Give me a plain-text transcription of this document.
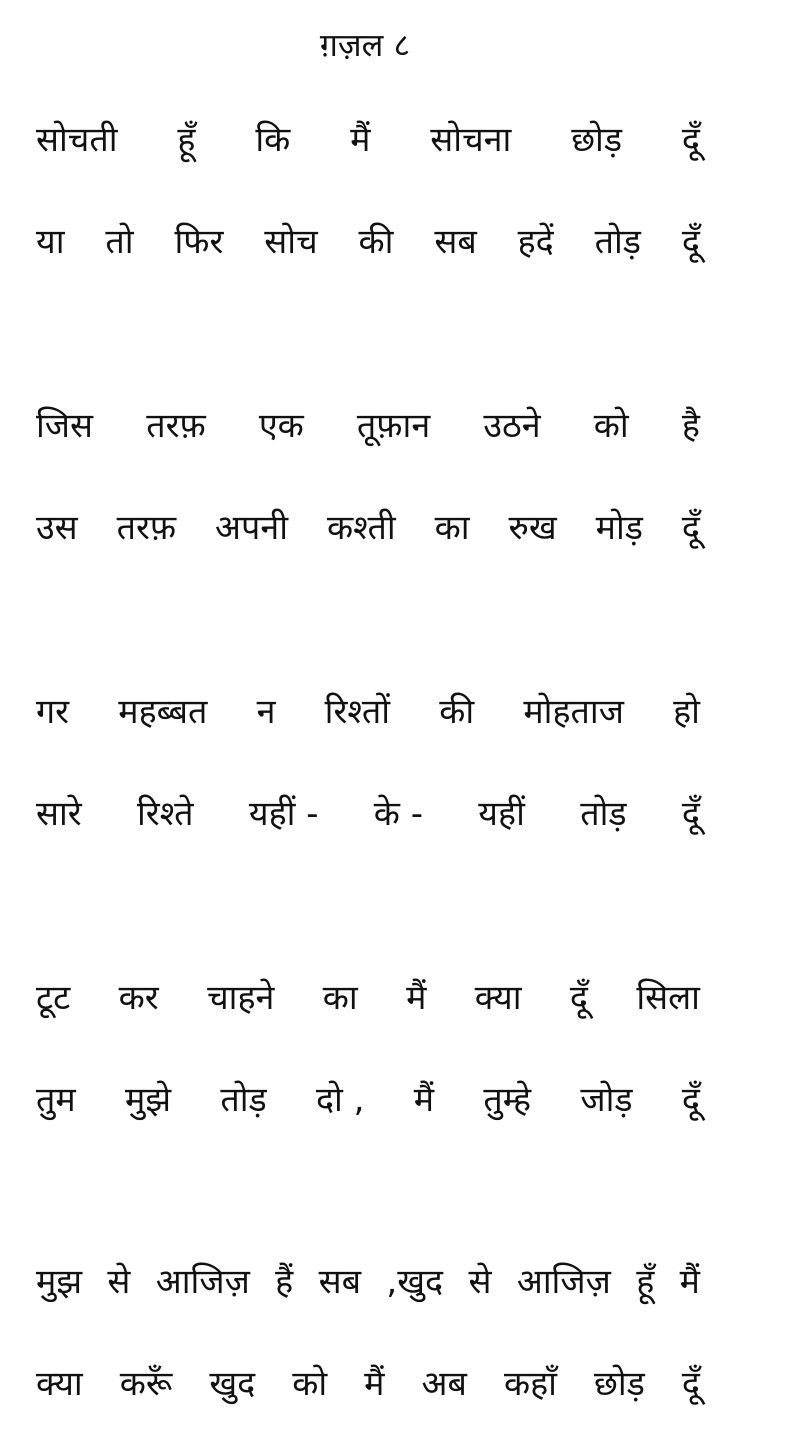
ग़ज़ल ८
सोचती हूँ कि मैं सोचना छोड़ दूँ
या तो फिर सोच की सब हदें तोड़ दूँ
जिस तरफ़ एक तूफ़ान उठने को है
उस तरफ़ अपनी कश्ती का रुख मोड़ दूँ
गर महब्बत न रिश्तों की मोहताज हो
सारे रिश्ते यहीं - के - यहीं तोड़ दूँ
टूट कर चाहने का मैं क्या दूँ सिला
तुम मुझे तोड़ दो , मैं तुम्हे जोड़ दूँ
मुझ से आजिज़ हैं सब ,खुद से आजिज़ हूँ मैं
क्या करूँ खुद को मैं अब कहाँ छोड़ दूँ
